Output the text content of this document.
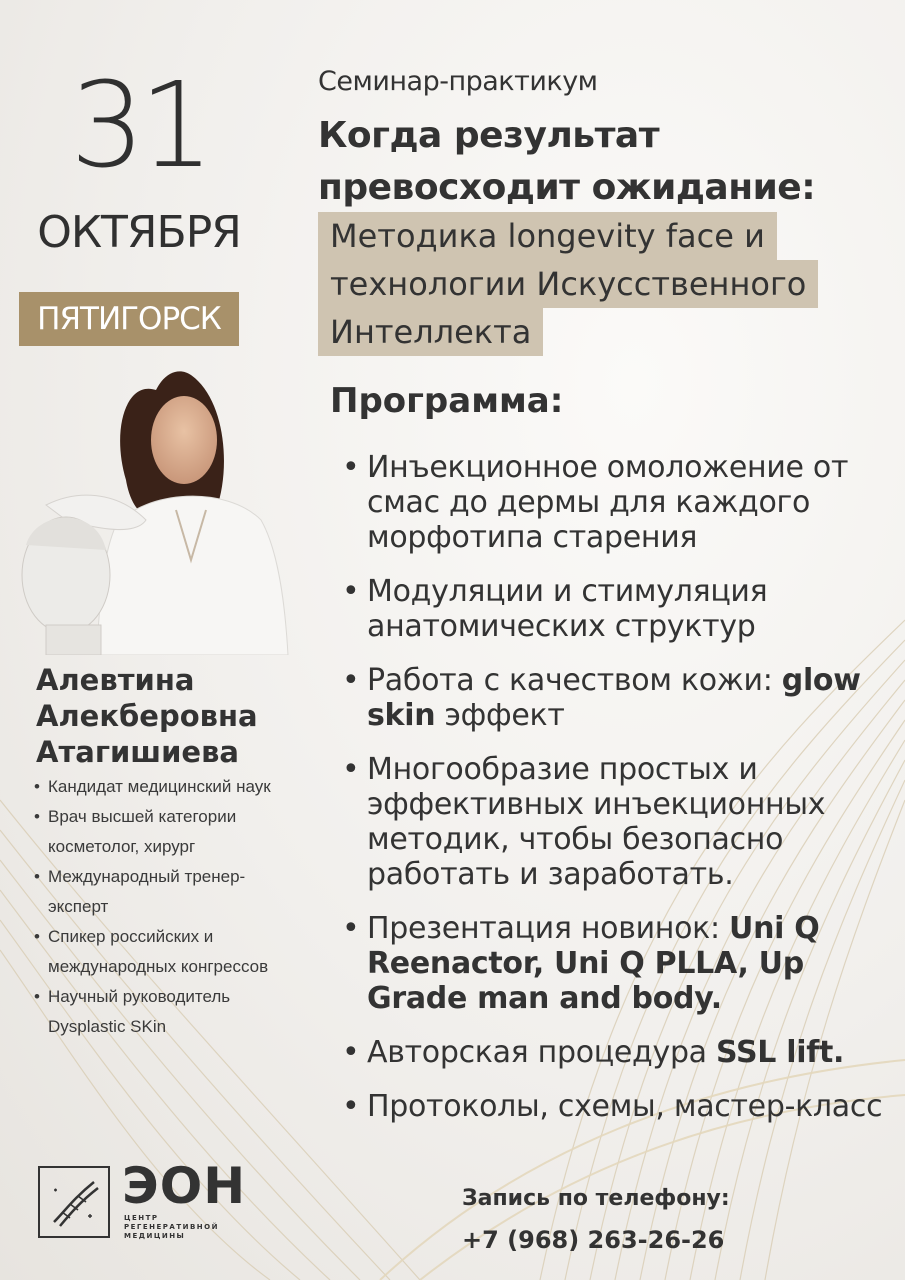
31
ОКТЯБРЯ
ПЯТИГОРСК
Алевтина Алекберовна Атагишиева
• Кандидат медицинский наук
• Врач высшей категории косметолог, хирург
• Международный тренер-эксперт
• Спикер российских и международных конгрессов
• Научный руководитель Dysplastic SKin
Семинар-практикум
Когда результат превосходит ожидание:
Методика longevity face и
технологии Искусственного
Интеллекта
Программа:
• Инъекционное омоложение от смас до дермы для каждого морфотипа старения
• Модуляции и стимуляция анатомических структур
• Работа с качеством кожи: glow skin эффект
• Многообразие простых и эффективных инъекционных методик, чтобы безопасно работать и заработать.
• Презентация новинок: Uni Q Reenactor, Uni Q PLLA, Up Grade man and body.
• Авторская процедура SSL lift.
• Протоколы, схемы, мастер-класс
ЭОН
ЦЕНТР
РЕГЕНЕРАТИВНОЙ
МЕДИЦИНЫ
Запись по телефону:
+7 (968) 263-26-26
